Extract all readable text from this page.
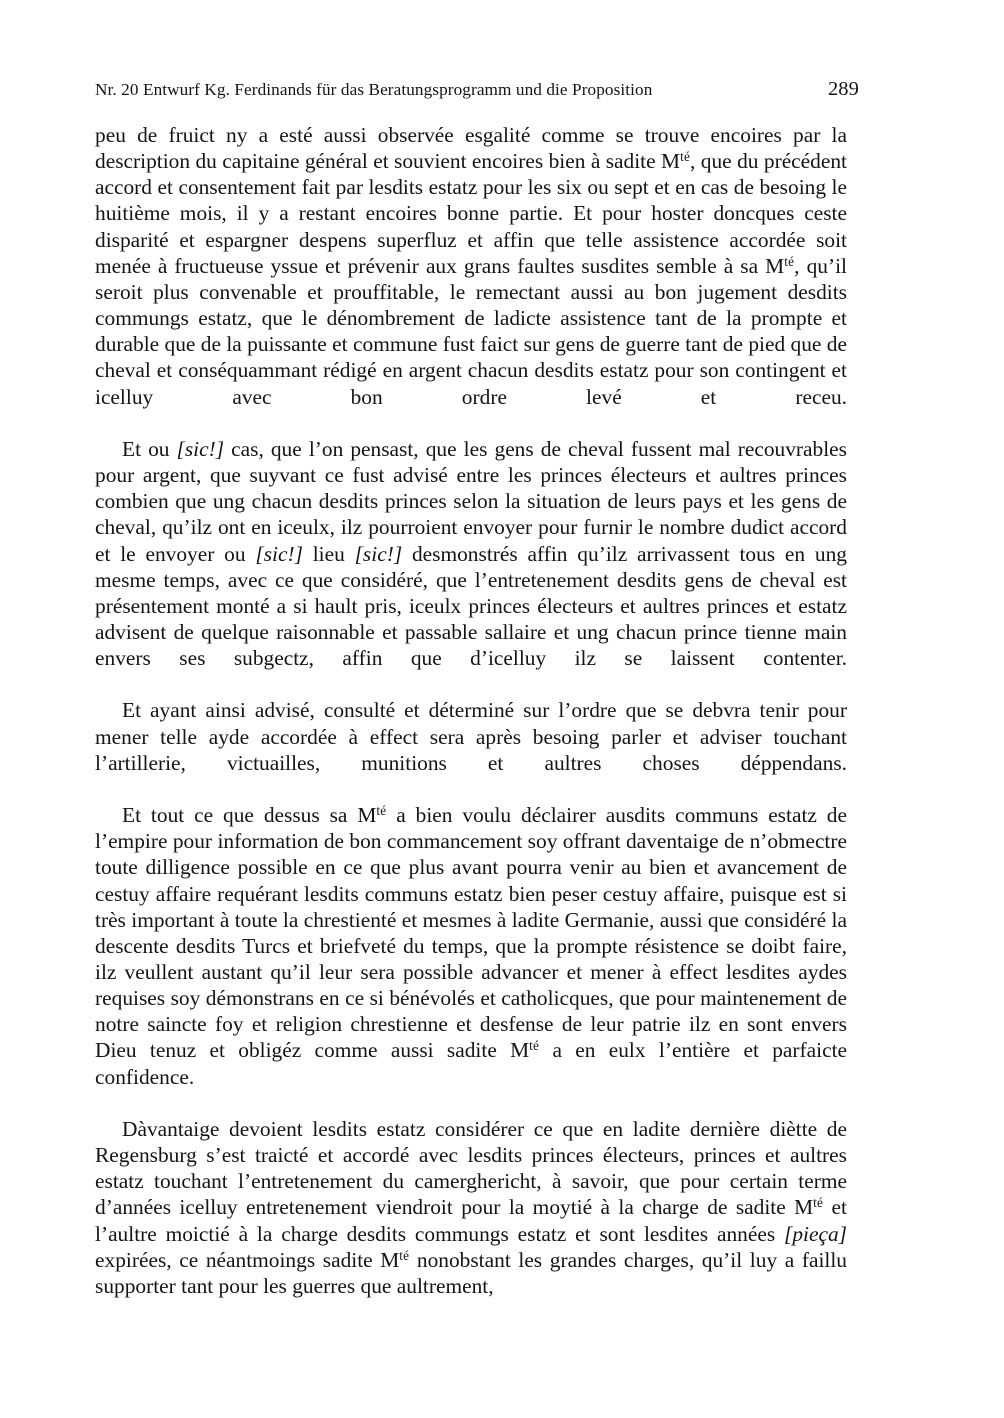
Nr. 20 Entwurf Kg. Ferdinands für das Beratungsprogramm und die Proposition	289

peu de fruict ny a esté aussi observée esgalité comme se trouve encoires par la description du capitaine général et souvient encoires bien à sadite $M^{té}$, que du précédent accord et consentement fait par lesdits estatz pour les six ou sept et en cas de besoing le huitième mois, il y a restant encoires bonne partie. Et pour hoster doncques ceste disparité et espargner despens superfluz et affin que telle assistence accordée soit menée à fructueuse yssue et prévenir aux grans faultes susdites semble à sa $M^{té}$, qu’il seroit plus convenable et prouffitable, le remectant aussi au bon jugement desdits commungs estatz, que le dénombrement de ladicte assistence tant de la prompte et durable que de la puissante et commune fust faict sur gens de guerre tant de pied que de cheval et conséquammant rédigé en argent chacun desdits estatz pour son contingent et icelluy avec bon ordre levé et receu.

Et ou [sic!] cas, que l’on pensast, que les gens de cheval fussent mal recouvrables pour argent, que suyvant ce fust advisé entre les princes électeurs et aultres princes combien que ung chacun desdits princes selon la situation de leurs pays et les gens de cheval, qu’ilz ont en iceulx, ilz pourroient envoyer pour furnir le nombre dudict accord et le envoyer ou [sic!] lieu [sic!] desmonstrés affin qu’ilz arrivassent tous en ung mesme temps, avec ce que considéré, que l’entretenement desdits gens de cheval est présentement monté a si hault pris, iceulx princes électeurs et aultres princes et estatz advisent de quelque raisonnable et passable sallaire et ung chacun prince tienne main envers ses subgectz, affin que d’icelluy ilz se laissent contenter.

Et ayant ainsi advisé, consulté et déterminé sur l’ordre que se debvra tenir pour mener telle ayde accordée à effect sera après besoing parler et adviser touchant l’artillerie, victuailles, munitions et aultres choses déppendans.

Et tout ce que dessus sa $M^{té}$ a bien voulu déclairer ausdits communs estatz de l’empire pour information de bon commancement soy offrant daventaige de n’obmectre toute dilligence possible en ce que plus avant pourra venir au bien et avancement de cestuy affaire requérant lesdits communs estatz bien peser cestuy affaire, puisque est si très important à toute la chrestienté et mesmes à ladite Germanie, aussi que considéré la descente desdits Turcs et briefveté du temps, que la prompte résistence se doibt faire, ilz veullent austant qu’il leur sera possible advancer et mener à effect lesdites aydes requises soy démonstrans en ce si bénévolés et catholicques, que pour maintenement de notre saincte foy et religion chrestienne et desfense de leur patrie ilz en sont envers Dieu tenuz et obligéz comme aussi sadite $M^{té}$ a en eulx l’entière et parfaicte confidence.

Dàvantaige devoient lesdits estatz considérer ce que en ladite dernière diètte de Regensburg s’est traicté et accordé avec lesdits princes électeurs, princes et aultres estatz touchant l’entretenement du camerghericht, à savoir, que pour certain terme d’années icelluy entretenement viendroit pour la moytié à la charge de sadite $M^{té}$ et l’aultre moictié à la charge desdits commungs estatz et sont lesdites années [pieça] expirées, ce néantmoings sadite $M^{té}$ nonobstant les grandes charges, qu’il luy a faillu supporter tant pour les guerres que aultrement,
